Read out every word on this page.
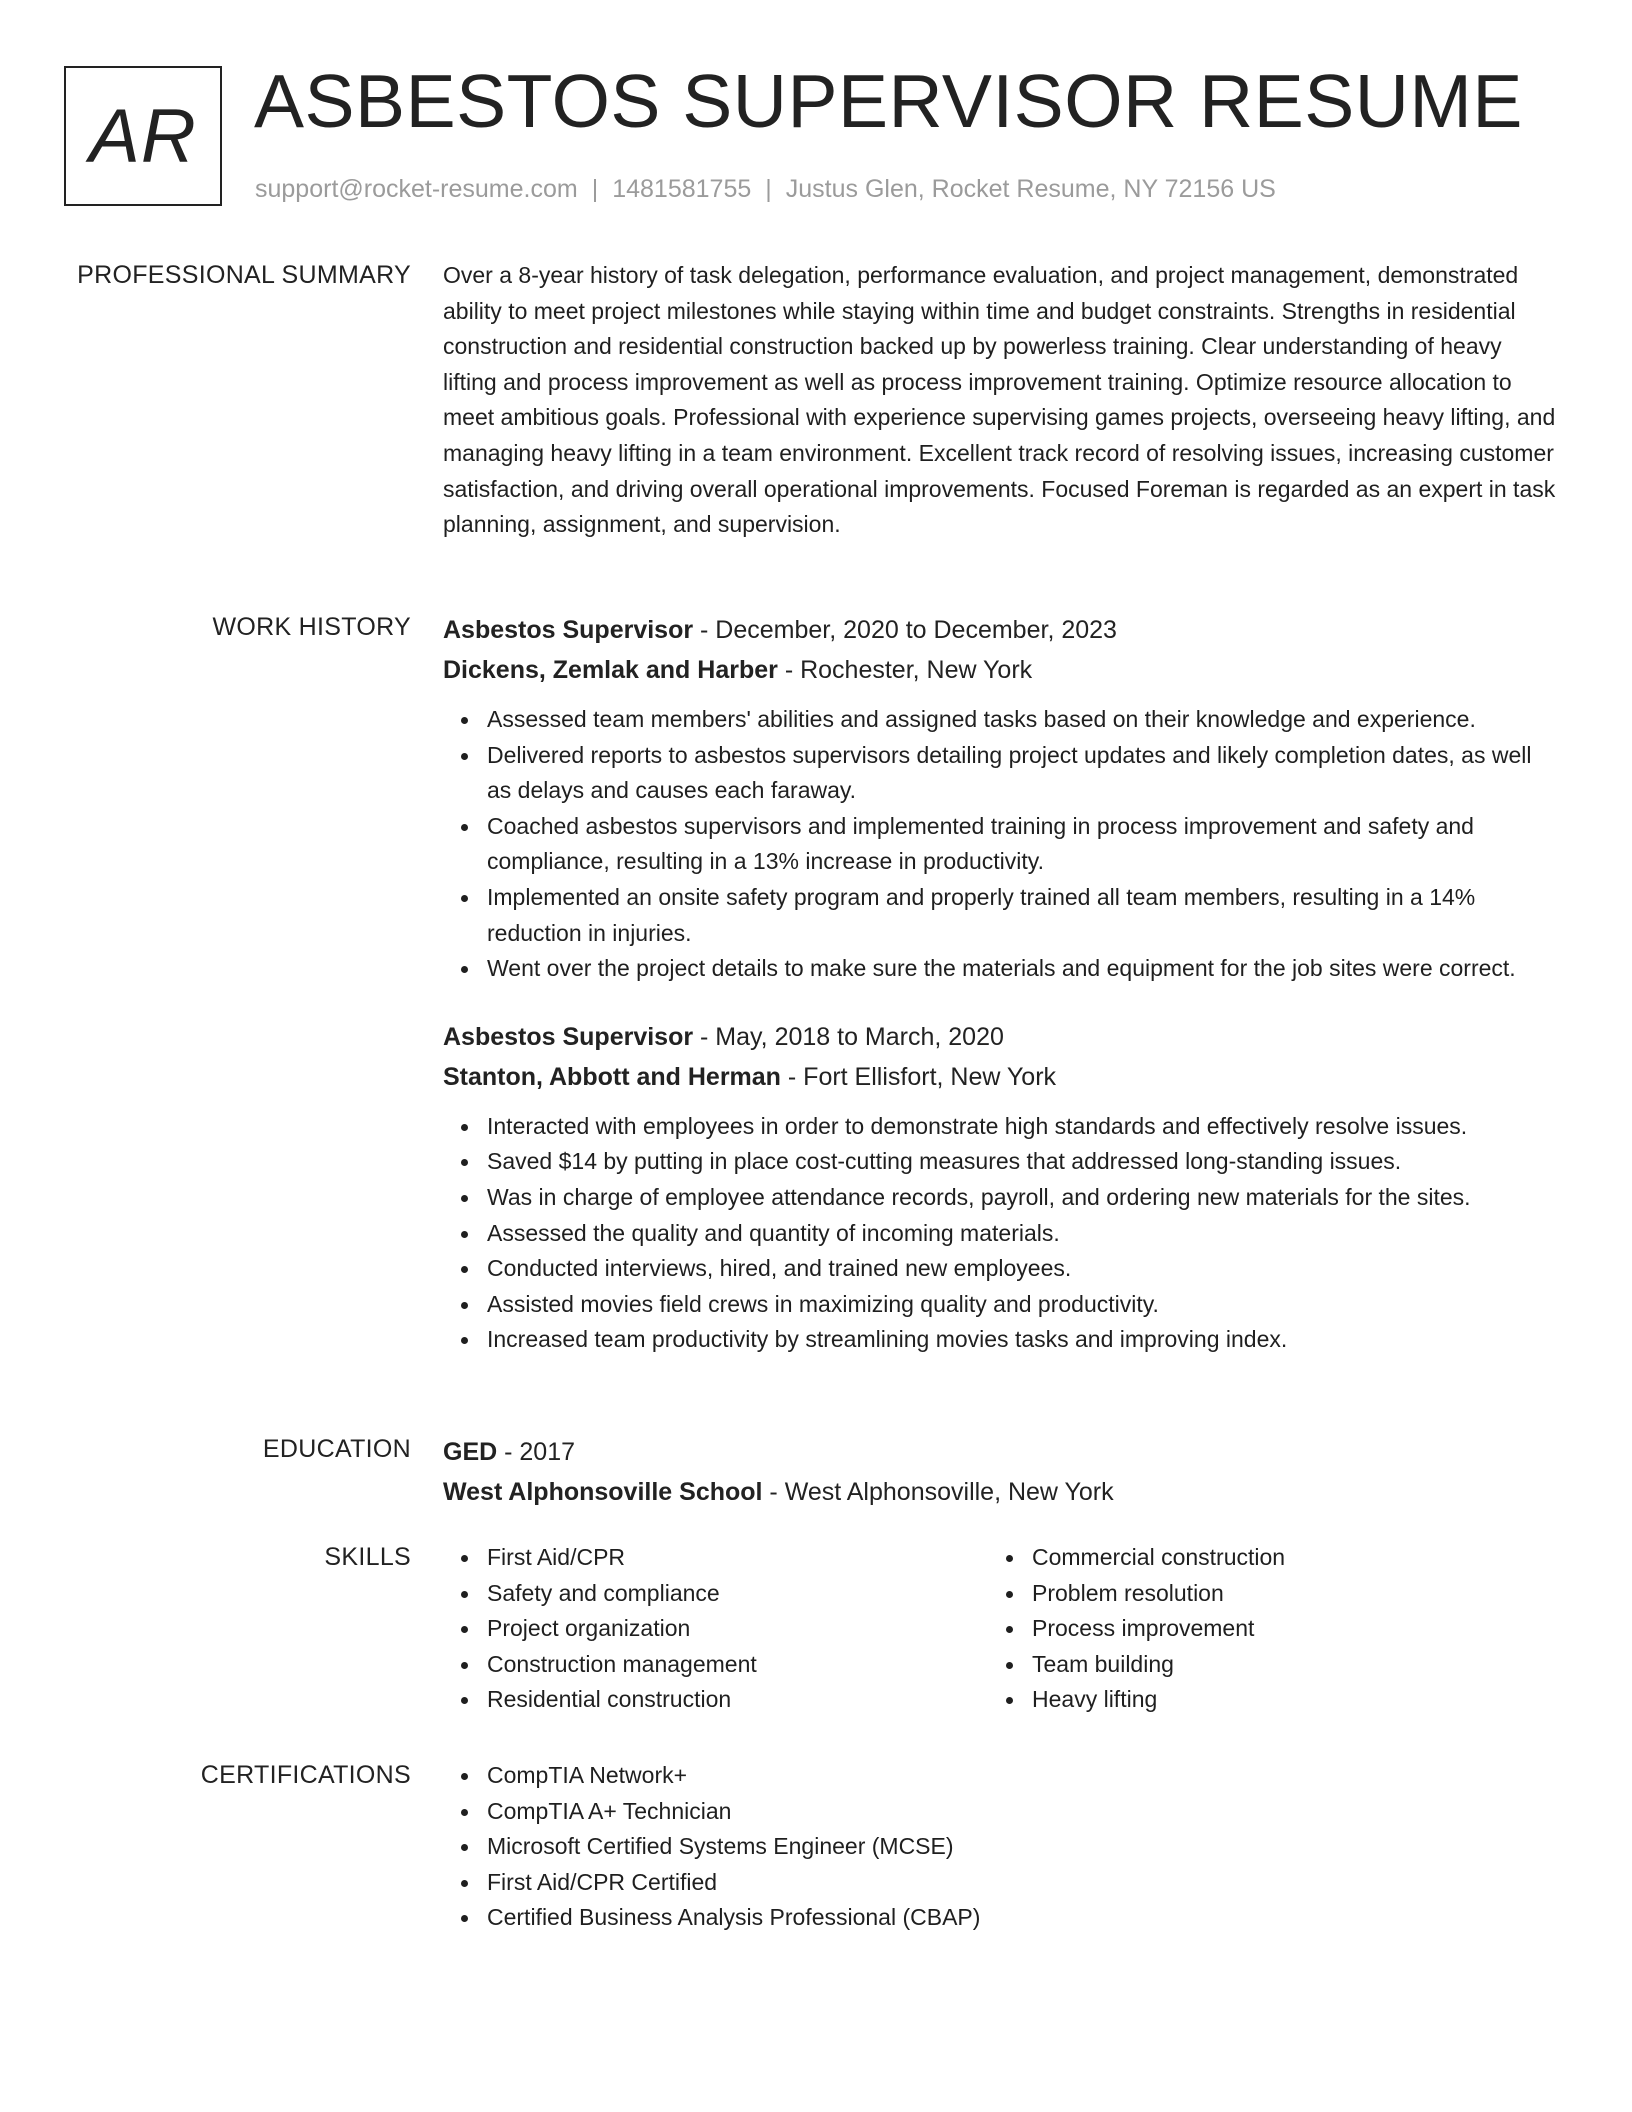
AR ASBESTOS SUPERVISOR RESUME
support@rocket-resume.com | 1481581755 | Justus Glen, Rocket Resume, NY 72156 US
PROFESSIONAL SUMMARY Over a 8-year history of task delegation, performance evaluation, and project management, demonstrated ability to meet project milestones while staying within time and budget constraints. Strengths in residential construction and residential construction backed up by powerless training. Clear understanding of heavy lifting and process improvement as well as process improvement training. Optimize resource allocation to meet ambitious goals. Professional with experience supervising games projects, overseeing heavy lifting, and managing heavy lifting in a team environment. Excellent track record of resolving issues, increasing customer satisfaction, and driving overall operational improvements. Focused Foreman is regarded as an expert in task planning, assignment, and supervision.

WORK HISTORY Asbestos Supervisor - December, 2020 to December, 2023
Dickens, Zemlak and Harber - Rochester, New York
Assessed team members' abilities and assigned tasks based on their knowledge and experience.
Delivered reports to asbestos supervisors detailing project updates and likely completion dates, as well as delays and causes each faraway.
Coached asbestos supervisors and implemented training in process improvement and safety and compliance, resulting in a 13% increase in productivity.
Implemented an onsite safety program and properly trained all team members, resulting in a 14% reduction in injuries.
Went over the project details to make sure the materials and equipment for the job sites were correct.
Asbestos Supervisor - May, 2018 to March, 2020
Stanton, Abbott and Herman - Fort Ellisfort, New York
Interacted with employees in order to demonstrate high standards and effectively resolve issues.
Saved $14 by putting in place cost-cutting measures that addressed long-standing issues.
Was in charge of employee attendance records, payroll, and ordering new materials for the sites.
Assessed the quality and quantity of incoming materials.
Conducted interviews, hired, and trained new employees.
Assisted movies field crews in maximizing quality and productivity.
Increased team productivity by streamlining movies tasks and improving index.
EDUCATION GED - 2017
West Alphonsoville School - West Alphonsoville, New York
SKILLS	First Aid/CPR
Safety and compliance
Project organization
Construction management
Residential construction
Commercial construction
Problem resolution
Process improvement
Team building
Heavy lifting
CERTIFICATIONS	CompTIA Network+
CompTIA A+ Technician
Microsoft Certified Systems Engineer (MCSE)
First Aid/CPR Certified
Certified Business Analysis Professional (CBAP)
